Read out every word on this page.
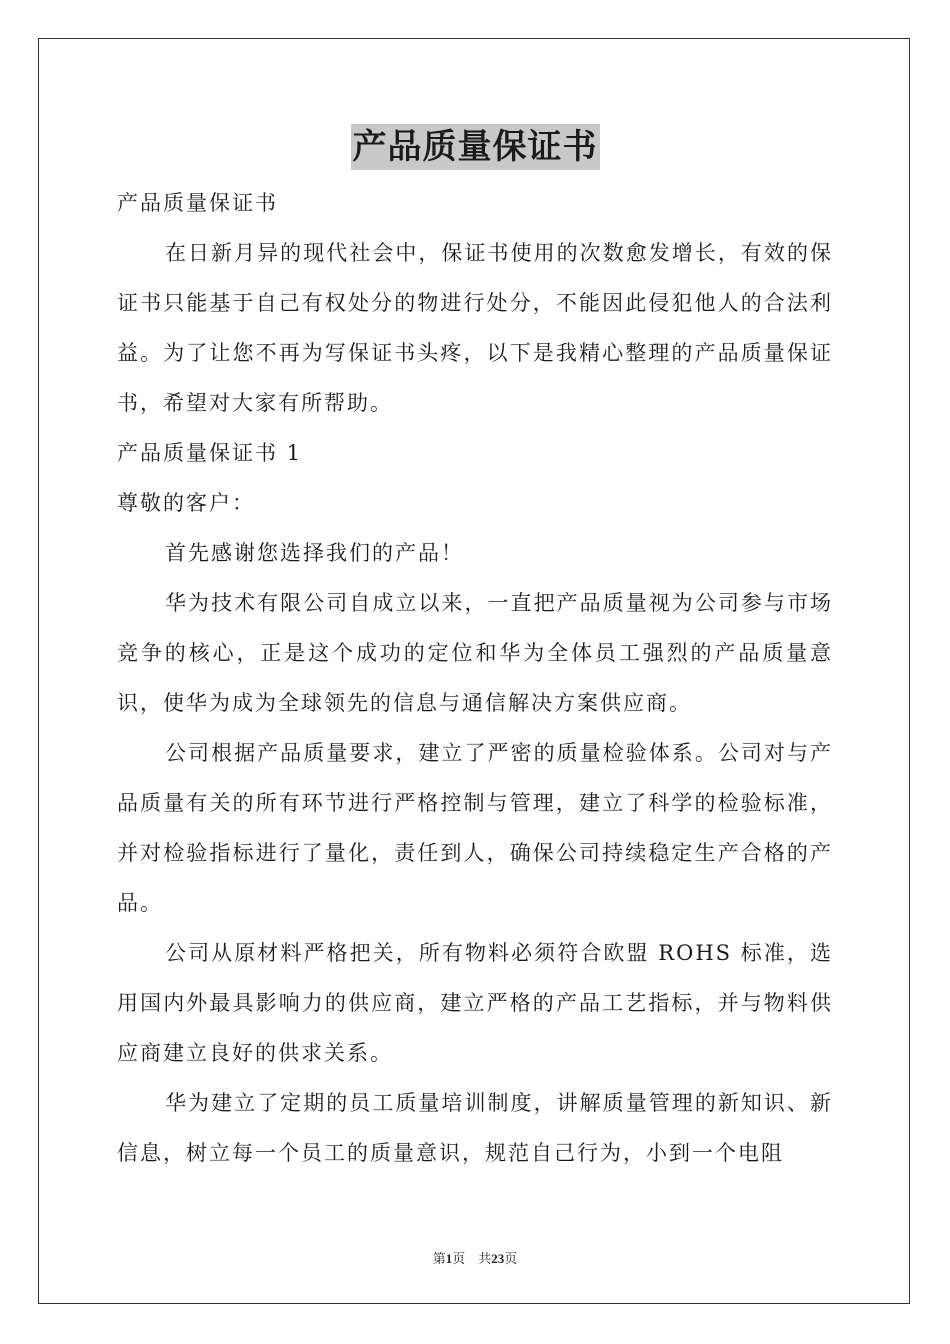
产品质量保证书

产品质量保证书

在日新月异的现代社会中，保证书使用的次数愈发增长，有效的保证书只能基于自己有权处分的物进行处分，不能因此侵犯他人的合法利益。为了让您不再为写保证书头疼，以下是我精心整理的产品质量保证书，希望对大家有所帮助。

产品质量保证书 1

尊敬的客户：

首先感谢您选择我们的产品！

华为技术有限公司自成立以来，一直把产品质量视为公司参与市场竞争的核心，正是这个成功的定位和华为全体员工强烈的产品质量意识，使华为成为全球领先的信息与通信解决方案供应商。

公司根据产品质量要求，建立了严密的质量检验体系。公司对与产品质量有关的所有环节进行严格控制与管理，建立了科学的检验标准，并对检验指标进行了量化，责任到人，确保公司持续稳定生产合格的产品。

公司从原材料严格把关，所有物料必须符合欧盟 ROHS 标准，选用国内外最具影响力的供应商，建立严格的产品工艺指标，并与物料供应商建立良好的供求关系。

华为建立了定期的员工质量培训制度，讲解质量管理的新知识、新信息，树立每一个员工的质量意识，规范自己行为，小到一个电阻

第1页　共23页
